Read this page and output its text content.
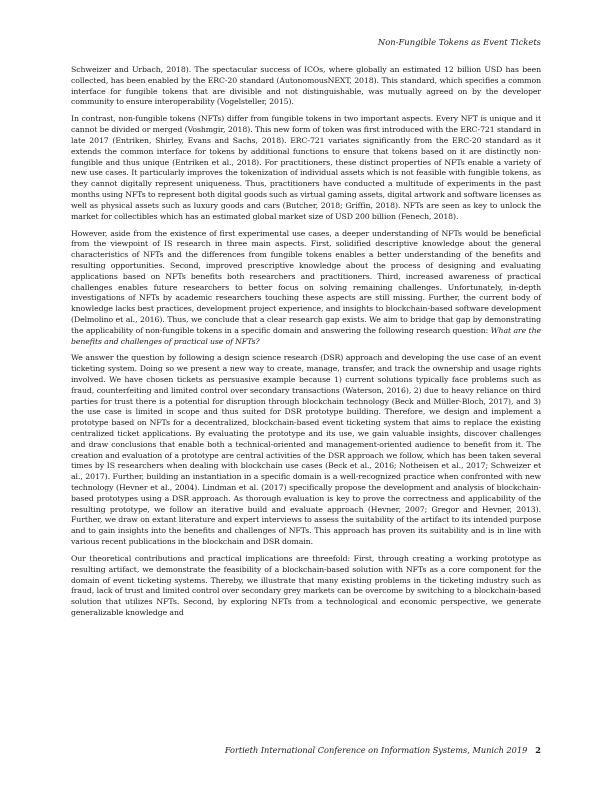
Non-Fungible Tokens as Event Tickets

Schweizer and Urbach, 2018). The spectacular success of ICOs, where globally an estimated 12 billion USD has been collected, has been enabled by the ERC-20 standard (AutonomousNEXT, 2018). This standard, which specifies a common interface for fungible tokens that are divisible and not distinguishable, was mutually agreed on by the developer community to ensure interoperability (Vogelsteller, 2015).

In contrast, non-fungible tokens (NFTs) differ from fungible tokens in two important aspects. Every NFT is unique and it cannot be divided or merged (Voshmgir, 2018). This new form of token was first introduced with the ERC-721 standard in late 2017 (Entriken, Shirley, Evans and Sachs, 2018). ERC-721 variates significantly from the ERC-20 standard as it extends the common interface for tokens by additional functions to ensure that tokens based on it are distinctly non-fungible and thus unique (Entriken et al., 2018). For practitioners, these distinct properties of NFTs enable a variety of new use cases. It particularly improves the tokenization of individual assets which is not feasible with fungible tokens, as they cannot digitally represent uniqueness. Thus, practitioners have conducted a multitude of experiments in the past months using NFTs to represent both digital goods such as virtual gaming assets, digital artwork and software licenses as well as physical assets such as luxury goods and cars (Butcher, 2018; Griffin, 2018). NFTs are seen as key to unlock the market for collectibles which has an estimated global market size of USD 200 billion (Fenech, 2018).

However, aside from the existence of first experimental use cases, a deeper understanding of NFTs would be beneficial from the viewpoint of IS research in three main aspects. First, solidified descriptive knowledge about the general characteristics of NFTs and the differences from fungible tokens enables a better understanding of the benefits and resulting opportunities. Second, improved prescriptive knowledge about the process of designing and evaluating applications based on NFTs benefits both researchers and practitioners. Third, increased awareness of practical challenges enables future researchers to better focus on solving remaining challenges. Unfortunately, in-depth investigations of NFTs by academic researchers touching these aspects are still missing. Further, the current body of knowledge lacks best practices, development project experience, and insights to blockchain-based software development (Delmolino et al., 2016). Thus, we conclude that a clear research gap exists. We aim to bridge that gap by demonstrating the applicability of non-fungible tokens in a specific domain and answering the following research question: What are the benefits and challenges of practical use of NFTs?

We answer the question by following a design science research (DSR) approach and developing the use case of an event ticketing system. Doing so we present a new way to create, manage, transfer, and track the ownership and usage rights involved. We have chosen tickets as persuasive example because 1) current solutions typically face problems such as fraud, counterfeiting and limited control over secondary transactions (Waterson, 2016), 2) due to heavy reliance on third parties for trust there is a potential for disruption through blockchain technology (Beck and Müller-Bloch, 2017), and 3) the use case is limited in scope and thus suited for DSR prototype building. Therefore, we design and implement a prototype based on NFTs for a decentralized, blockchain-based event ticketing system that aims to replace the existing centralized ticket applications. By evaluating the prototype and its use, we gain valuable insights, discover challenges and draw conclusions that enable both a technical-oriented and management-oriented audience to benefit from it. The creation and evaluation of a prototype are central activities of the DSR approach we follow, which has been taken several times by IS researchers when dealing with blockchain use cases (Beck et al., 2016; Notheisen et al., 2017; Schweizer et al., 2017). Further, building an instantiation in a specific domain is a well-recognized practice when confronted with new technology (Hevner et al., 2004). Lindman et al. (2017) specifically propose the development and analysis of blockchain-based prototypes using a DSR approach. As thorough evaluation is key to prove the correctness and applicability of the resulting prototype, we follow an iterative build and evaluate approach (Hevner, 2007; Gregor and Hevner, 2013). Further, we draw on extant literature and expert interviews to assess the suitability of the artifact to its intended purpose and to gain insights into the benefits and challenges of NFTs. This approach has proven its suitability and is in line with various recent publications in the blockchain and DSR domain.

Our theoretical contributions and practical implications are threefold: First, through creating a working prototype as resulting artifact, we demonstrate the feasibility of a blockchain-based solution with NFTs as a core component for the domain of event ticketing systems. Thereby, we illustrate that many existing problems in the ticketing industry such as fraud, lack of trust and limited control over secondary grey markets can be overcome by switching to a blockchain-based solution that utilizes NFTs. Second, by exploring NFTs from a technological and economic perspective, we generate generalizable knowledge and

Fortieth International Conference on Information Systems, Munich 2019 2
